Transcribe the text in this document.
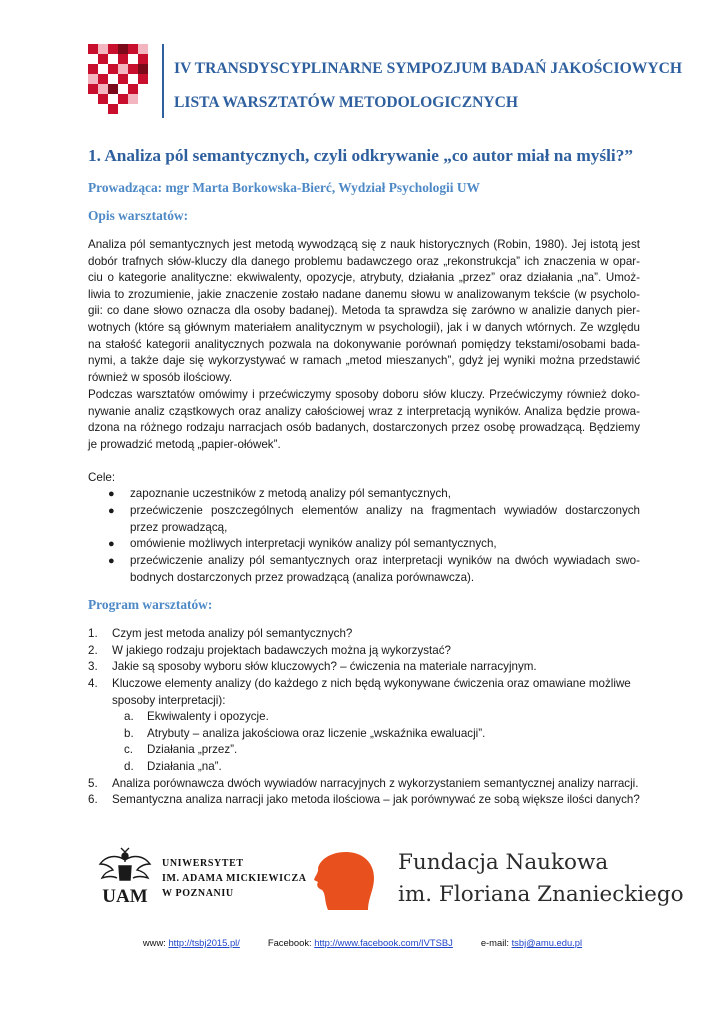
IV TRANSDYSCYPLINARNE SYMPOZJUM BADAŃ JAKOŚCIOWYCH
LISTA WARSZTATÓW METODOLOGICZNYCH
1. Analiza pól semantycznych, czyli odkrywanie „co autor miał na myśli?”
Prowadząca: mgr Marta Borkowska-Bierć, Wydział Psychologii UW
Opis warsztatów:

Analiza pól semantycznych jest metodą wywodzącą się z nauk historycznych (Robin, 1980). Jej istotą jest
dobór trafnych słów-kluczy dla danego problemu badawczego oraz „rekonstrukcja” ich znaczenia w opar-
ciu o kategorie analityczne: ekwiwalenty, opozycje, atrybuty, działania „przez” oraz działania „na”. Umoż-
liwia to zrozumienie, jakie znaczenie zostało nadane danemu słowu w analizowanym tekście (w psycholo-
gii: co dane słowo oznacza dla osoby badanej). Metoda ta sprawdza się zarówno w analizie danych pier-
wotnych (które są głównym materiałem analitycznym w psychologii), jak i w danych wtórnych. Ze względu
na stałość kategorii analitycznych pozwala na dokonywanie porównań pomiędzy tekstami/osobami bada-
nymi, a także daje się wykorzystywać w ramach „metod mieszanych”, gdyż jej wyniki można przedstawić
również w sposób ilościowy.

Podczas warsztatów omówimy i przećwiczymy sposoby doboru słów kluczy. Przećwiczymy również doko-
nywanie analiz cząstkowych oraz analizy całościowej wraz z interpretacją wyników. Analiza będzie prowa-
dzona na różnego rodzaju narracjach osób badanych, dostarczonych przez osobę prowadzącą. Będziemy
je prowadzić metodą „papier-ołówek”.

Cele:
● zapoznanie uczestników z metodą analizy pól semantycznych,
● przećwiczenie poszczególnych elementów analizy na fragmentach wywiadów dostarczonych
przez prowadzącą,
● omówienie możliwych interpretacji wyników analizy pól semantycznych,
● przećwiczenie analizy pól semantycznych oraz interpretacji wyników na dwóch wywiadach swo-
bodnych dostarczonych przez prowadzącą (analiza porównawcza).
Program warsztatów:
1. Czym jest metoda analizy pól semantycznych?
2. W jakiego rodzaju projektach badawczych można ją wykorzystać?
3. Jakie są sposoby wyboru słów kluczowych? – ćwiczenia na materiale narracyjnym.
4. Kluczowe elementy analizy (do każdego z nich będą wykonywane ćwiczenia oraz omawiane możliwe
sposoby interpretacji):
a. Ekwiwalenty i opozycje.
b. Atrybuty – analiza jakościowa oraz liczenie „wskaźnika ewaluacji”.
c. Działania „przez”.
d. Działania „na”.
5. Analiza porównawcza dwóch wywiadów narracyjnych z wykorzystaniem semantycznej analizy narracji.
6. Semantyczna analiza narracji jako metoda ilościowa – jak porównywać ze sobą większe ilości danych?
UAM
UNIWERSYTET
IM. ADAMA MICKIEWICZA
W POZNANIU
Fundacja Naukowa
im. Floriana Znanieckiego
www: http://tsbj2015.pl/	Facebook: http://www.facebook.com/IVTSBJ	e-mail: tsbj@amu.edu.pl
